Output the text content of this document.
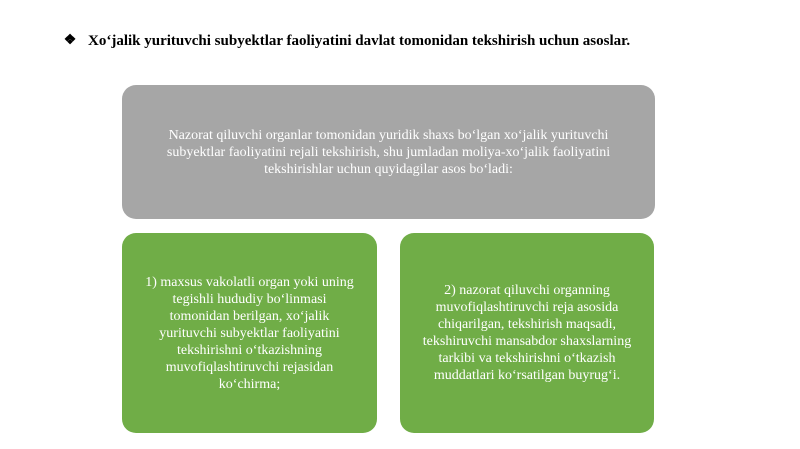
❖ Xoʻjalik yurituvchi subyektlar faoliyatini davlat tomonidan tekshirish uchun asoslar.
Nazorat qiluvchi organlar tomonidan yuridik shaxs boʻlgan xoʻjalik yurituvchi subyektlar faoliyatini rejali tekshirish, shu jumladan moliya-xoʻjalik faoliyatini tekshirishlar uchun quyidagilar asos boʻladi:
1) maxsus vakolatli organ yoki uning tegishli hududiy boʻlinmasi tomonidan berilgan, xoʻjalik yurituvchi subyektlar faoliyatini tekshirishni oʻtkazishning muvofiqlashtiruvchi rejasidan koʻchirma;
2) nazorat qiluvchi organning muvofiqlashtiruvchi reja asosida chiqarilgan, tekshirish maqsadi, tekshiruvchi mansabdor shaxslarning tarkibi va tekshirishni oʻtkazish muddatlari koʻrsatilgan buyrugʻi.
